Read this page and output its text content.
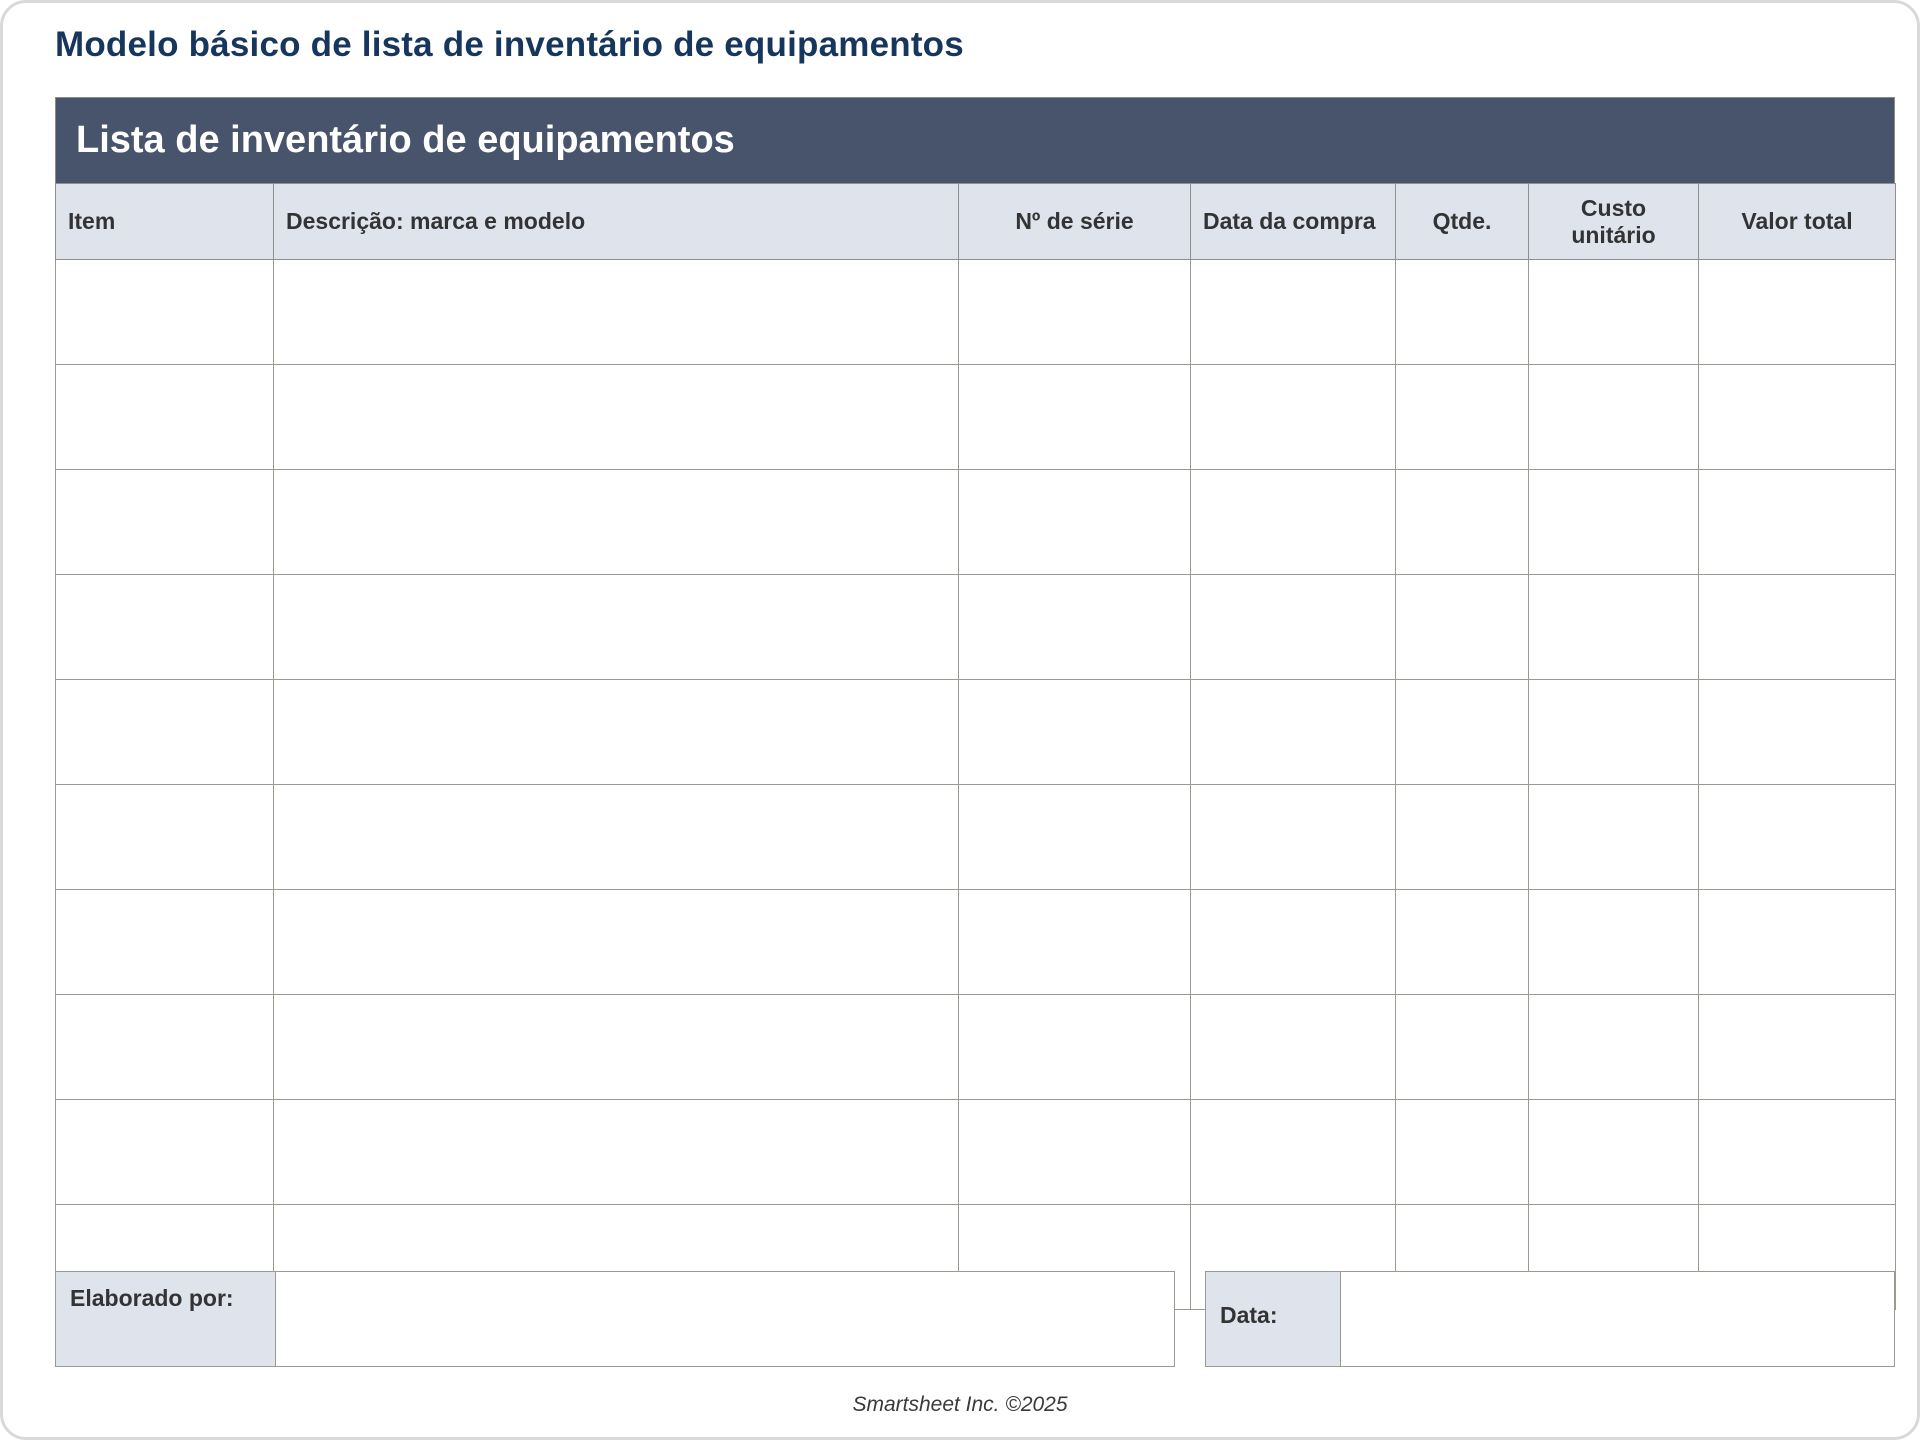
Modelo básico de lista de inventário de equipamentos
Lista de inventário de equipamentos
Item	Descrição: marca e modelo	Nº de série	Data da compra	Qtde.	Custo unitário	Valor total

Elaborado por:
Data:
Smartsheet Inc. ©2025
